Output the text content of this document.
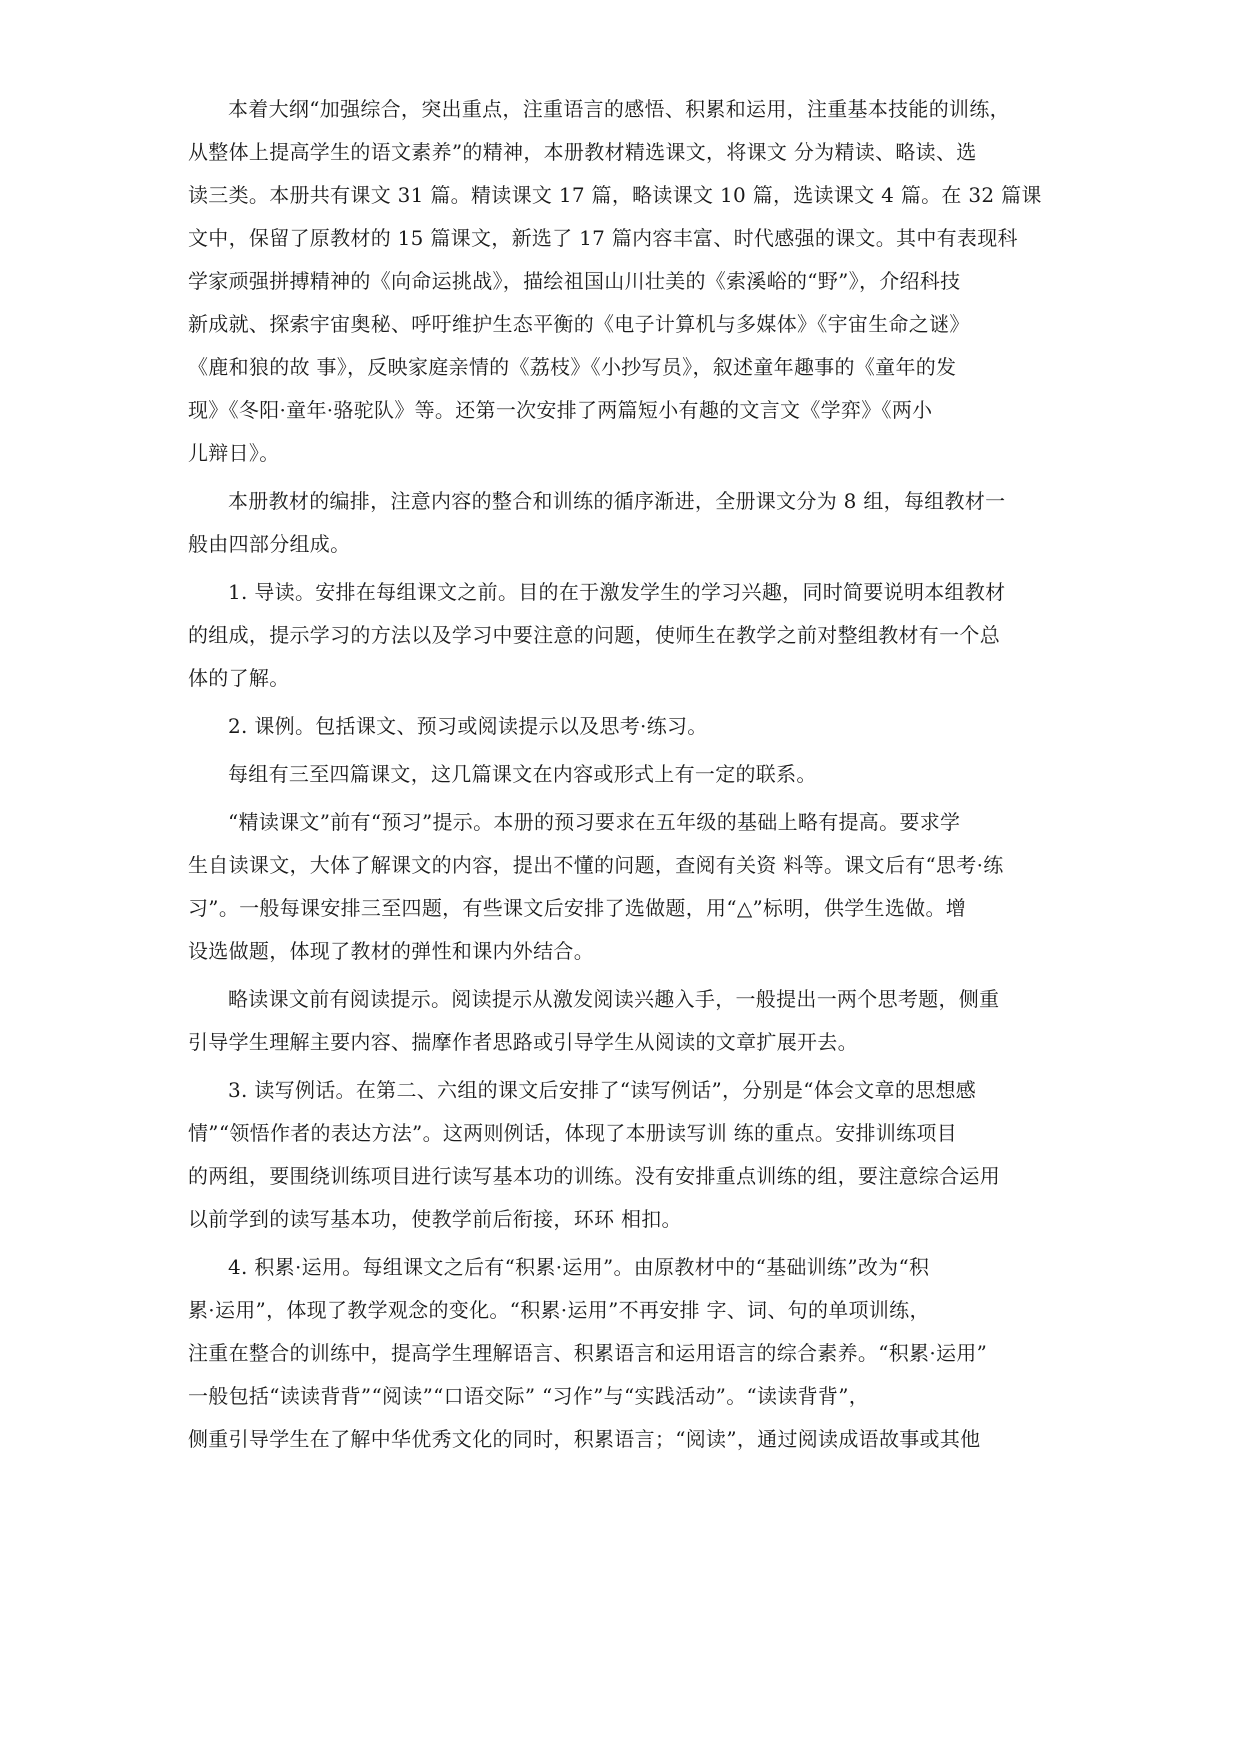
本着大纲“加强综合，突出重点，注重语言的感悟、积累和运用，注重基本技能的训练，
从整体上提高学生的语文素养”的精神，本册教材精选课文，将课文 分为精读、略读、选
读三类。本册共有课文 31 篇。精读课文 17 篇，略读课文 10 篇，选读课文 4 篇。在 32 篇课
文中，保留了原教材的 15 篇课文，新选了 17 篇内容丰富、时代感强的课文。其中有表现科
学家顽强拼搏精神的《向命运挑战》，描绘祖国山川壮美的《索溪峪的“野”》，介绍科技
新成就、探索宇宙奥秘、呼吁维护生态平衡的《电子计算机与多媒体》《宇宙生命之谜》
《鹿和狼的故 事》，反映家庭亲情的《荔枝》《小抄写员》，叙述童年趣事的《童年的发
现》《冬阳·童年·骆驼队》等。还第一次安排了两篇短小有趣的文言文《学弈》《两小
儿辩日》。
本册教材的编排，注意内容的整合和训练的循序渐进，全册课文分为 8 组，每组教材一
般由四部分组成。
1. 导读。安排在每组课文之前。目的在于激发学生的学习兴趣，同时简要说明本组教材
的组成，提示学习的方法以及学习中要注意的问题，使师生在教学之前对整组教材有一个总
体的了解。
2. 课例。包括课文、预习或阅读提示以及思考·练习。
每组有三至四篇课文，这几篇课文在内容或形式上有一定的联系。
“精读课文”前有“预习”提示。本册的预习要求在五年级的基础上略有提高。要求学
生自读课文，大体了解课文的内容，提出不懂的问题，查阅有关资 料等。课文后有“思考·练
习”。一般每课安排三至四题，有些课文后安排了选做题，用“△”标明，供学生选做。增
设选做题，体现了教材的弹性和课内外结合。
略读课文前有阅读提示。阅读提示从激发阅读兴趣入手，一般提出一两个思考题，侧重
引导学生理解主要内容、揣摩作者思路或引导学生从阅读的文章扩展开去。
3. 读写例话。在第二、六组的课文后安排了“读写例话”，分别是“体会文章的思想感
情”“领悟作者的表达方法”。这两则例话，体现了本册读写训 练的重点。安排训练项目
的两组，要围绕训练项目进行读写基本功的训练。没有安排重点训练的组，要注意综合运用
以前学到的读写基本功，使教学前后衔接，环环 相扣。
4. 积累·运用。每组课文之后有“积累·运用”。由原教材中的“基础训练”改为“积
累·运用”，体现了教学观念的变化。“积累·运用”不再安排 字、词、句的单项训练，
注重在整合的训练中，提高学生理解语言、积累语言和运用语言的综合素养。“积累·运用”
一般包括“读读背背”“阅读”“口语交际” “习作”与“实践活动”。“读读背背”，
侧重引导学生在了解中华优秀文化的同时，积累语言；“阅读”，通过阅读成语故事或其他
